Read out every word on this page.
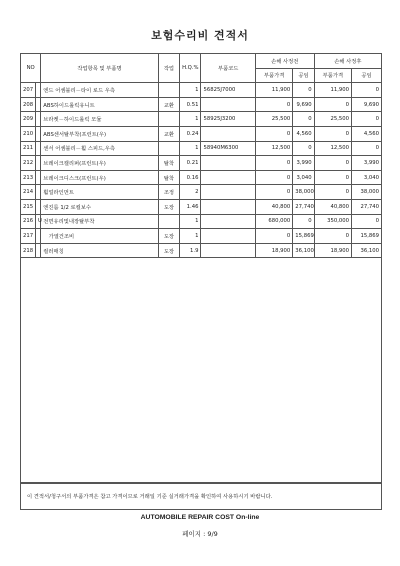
보험수리비 견적서
NO		작업항목 및 부품명	작업	H.Q.%	부품코드	손해 사정전		손해 사정후	
						부품가격	공임	부품가격	공임
207		엔드 어셈블리－타이 로드 우측		1	56825J7000	11,900	0	11,900	0
208		ABS하이드롤릭유니트	교환	0.51		0	9,690	0	9,690
209		브라켓－하이드롤릭 모듈		1	58925J3200	25,500	0	25,500	0
210		ABS센서탈부착(프런트(우)	교환	0.24		0	4,560	0	4,560
211		센서 어셈블리－휠 스피드,우측		1	58940M6300	12,500	0	12,500	0
212		브레이크캘리퍼(프런트(우)	탈착	0.21		0	3,990	0	3,990
213		브레이크디스크(프런트(우)	탈착	0.16		0	3,040	0	3,040
214		휠얼라인먼트	조정	2		0	38,000	0	38,000
215		엔진룸 1/2 로컬보수	도장	1.46		40,800	27,740	40,800	27,740
216	U	전면유리및내장탈부착		1		680,000	0	350,000	0
217		　가열건조비	도장	1		0	15,869	0	15,869
218		컬러매칭	도장	1.9		18,900	36,100	18,900	36,100
이 견적서/청구서의 부품가격은 참고 가격이므로 거래일 기준 실거래가격을 확인하여 사용하시기 바랍니다.
AUTOMOBILE REPAIR COST On-line
페이지 : 9/9
